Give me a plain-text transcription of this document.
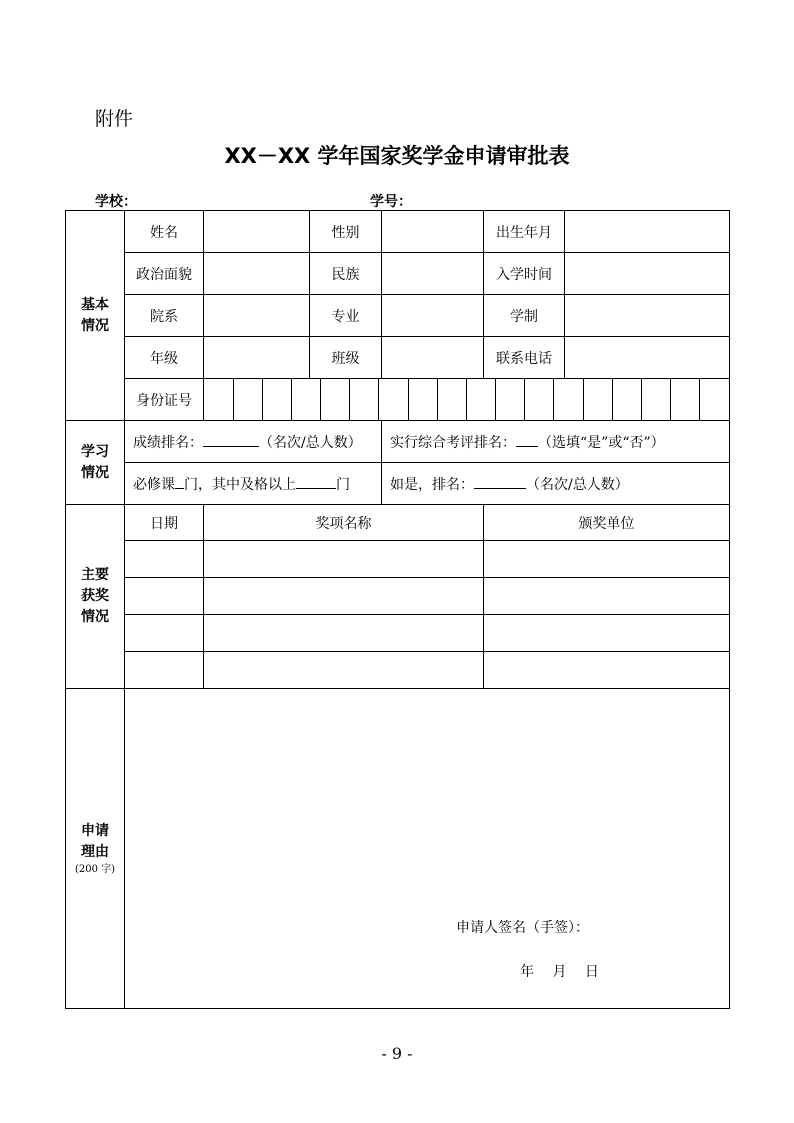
附件
XX－XX 学年国家奖学金申请审批表
学校：	学号：
基本
情况
	姓名		性别		出生年月	
政治面貌		民族		入学时间	
院系		专业		学制	
年级		班级		联系电话	
身份证号	

学习
情况
	成绩排名：	（名次/总人数）	实行综合考评排名： （选填“是”或“否”）
必修课 门，其中及格以上	门	如是，排名：	（名次/总人数）

主要
获奖
情况
	日期	奖项名称	颁奖单位

申请
理由
(200 字)

申请人签名（手签）：
年 月 日
- 9 -
